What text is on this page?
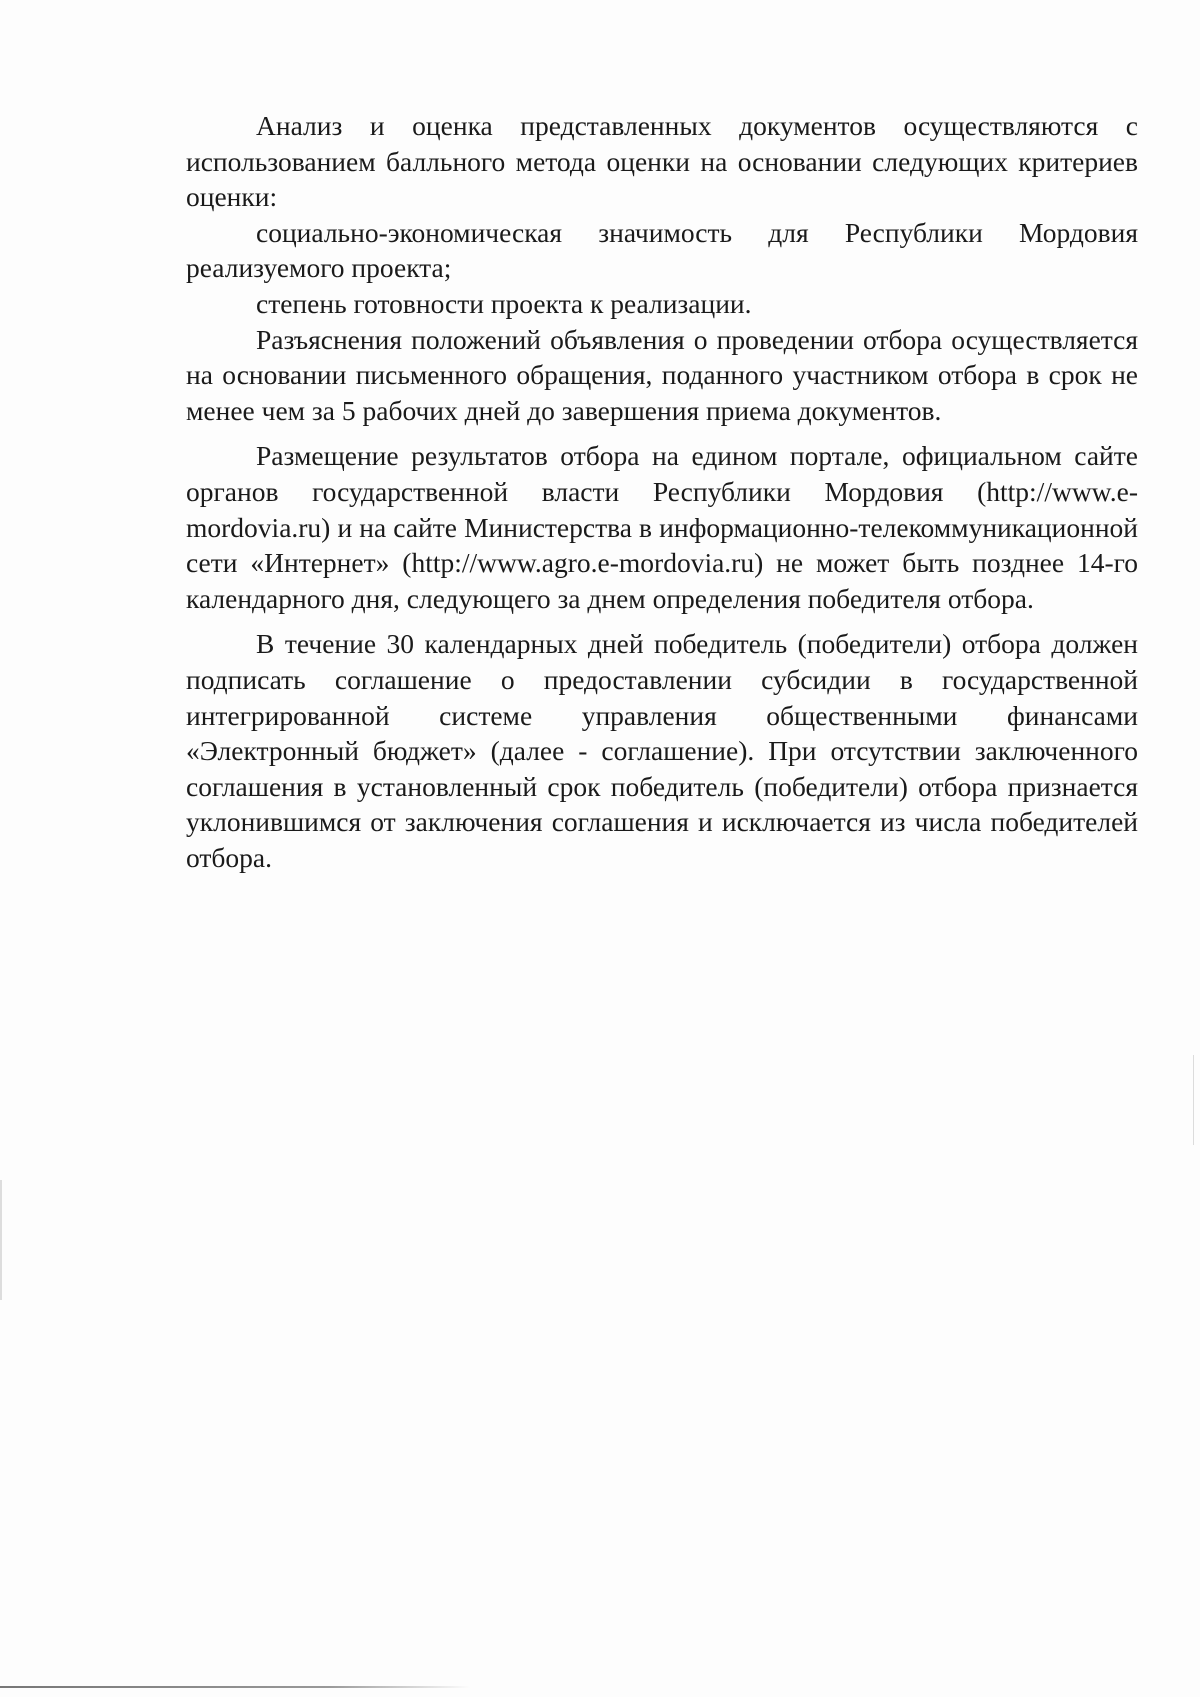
Анализ и оценка представленных документов осуществляются с использованием балльного метода оценки на основании следующих критериев оценки:

социально-экономическая значимость для Республики Мордовия реализуемого проекта;

степень готовности проекта к реализации.

Разъяснения положений объявления о проведении отбора осуществляется на основании письменного обращения, поданного участником отбора в срок не менее чем за 5 рабочих дней до завершения приема документов.

Размещение результатов отбора на едином портале, официальном сайте органов государственной власти Республики Мордовия (http://www.e-mordovia.ru) и на сайте Министерства в информационно-телекоммуникационной сети «Интернет» (http://www.agro.e-mordovia.ru) не может быть позднее 14-го календарного дня, следующего за днем определения победителя отбора.

В течение 30 календарных дней победитель (победители) отбора должен подписать соглашение о предоставлении субсидии в государственной интегрированной системе управления общественными финансами «Электронный бюджет» (далее - соглашение). При отсутствии заключенного соглашения в установленный срок победитель (победители) отбора признается уклонившимся от заключения соглашения и исключается из числа победителей отбора.
